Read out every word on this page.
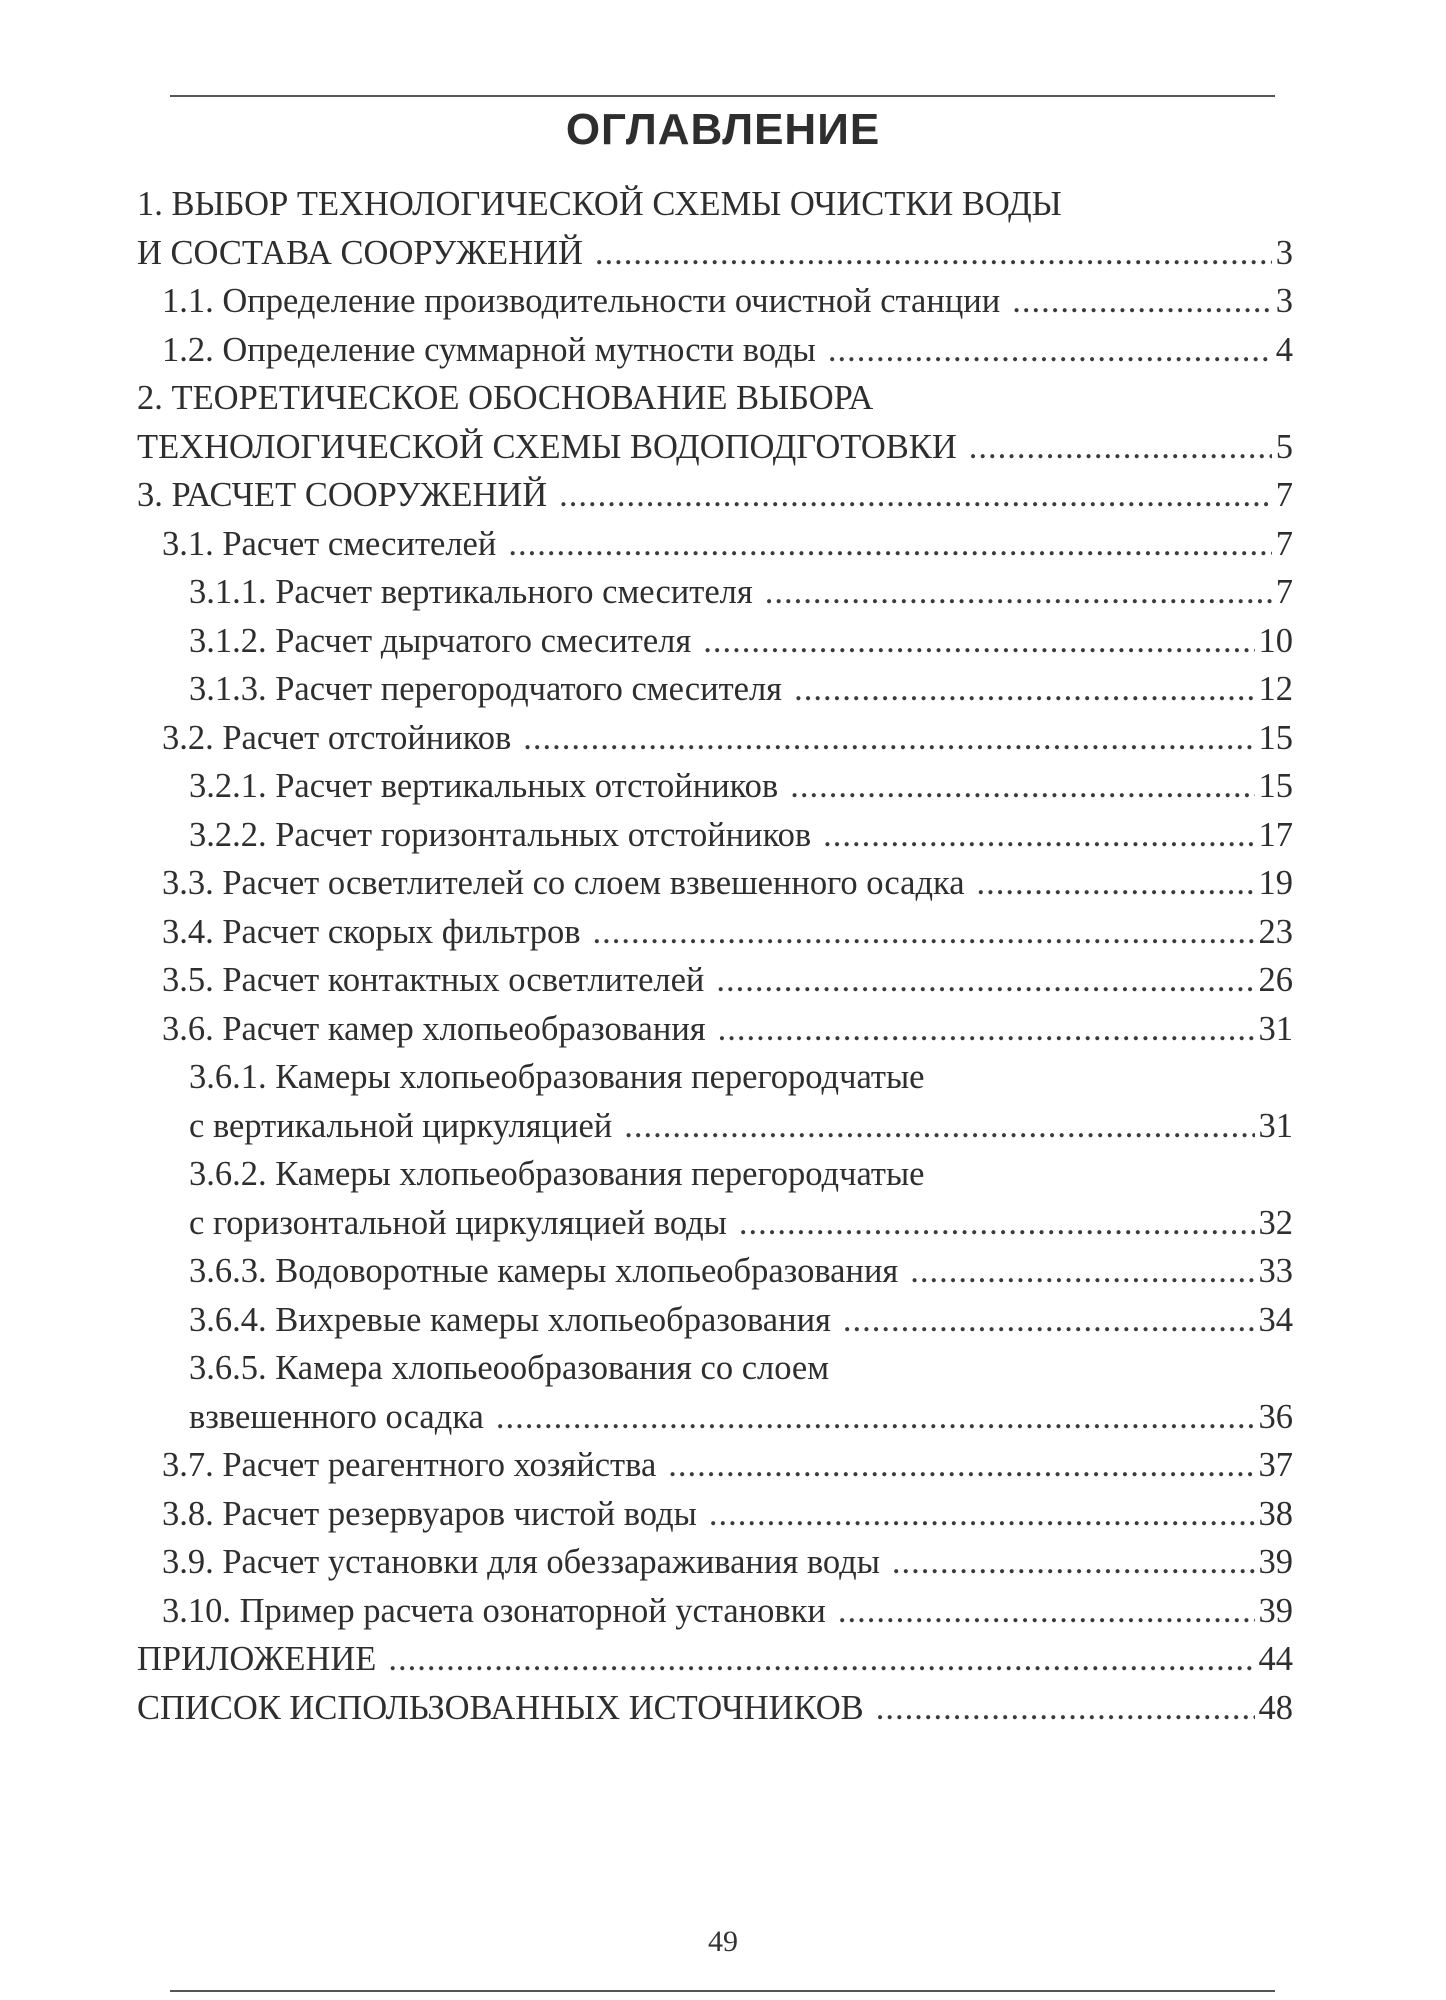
ОГЛАВЛЕНИЕ
1. ВЫБОР ТЕХНОЛОГИЧЕСКОЙ СХЕМЫ ОЧИСТКИ ВОДЫ
И СОСТАВА СООРУЖЕНИЙ .....	3
1.1. Определение производительности очистной станции .....	3
1.2. Определение суммарной мутности воды .....	4
2. ТЕОРЕТИЧЕСКОЕ ОБОСНОВАНИЕ ВЫБОРА
ТЕХНОЛОГИЧЕСКОЙ СХЕМЫ ВОДОПОДГОТОВКИ .....	5
3. РАСЧЕТ СООРУЖЕНИЙ .....	7
3.1. Расчет смесителей .....	7
3.1.1. Расчет вертикального смесителя .....	7
3.1.2. Расчет дырчатого смесителя .....	10
3.1.3. Расчет перегородчатого смесителя .....	12
3.2. Расчет отстойников .....	15
3.2.1. Расчет вертикальных отстойников .....	15
3.2.2. Расчет горизонтальных отстойников .....	17
3.3. Расчет осветлителей со слоем взвешенного осадка .....	19
3.4. Расчет скорых фильтров .....	23
3.5. Расчет контактных осветлителей .....	26
3.6. Расчет камер хлопьеобразования .....	31
3.6.1. Камеры хлопьеобразования перегородчатые
с вертикальной циркуляцией .....	31
3.6.2. Камеры хлопьеобразования перегородчатые
с горизонтальной циркуляцией воды .....	32
3.6.3. Водоворотные камеры хлопьеобразования .....	33
3.6.4. Вихревые камеры хлопьеобразования .....	34
3.6.5. Камера хлопьеообразования со слоем
взвешенного осадка .....	36
3.7. Расчет реагентного хозяйства .....	37
3.8. Расчет резервуаров чистой воды .....	38
3.9. Расчет установки для обеззараживания воды .....	39
3.10. Пример расчета озонаторной установки .....	39
ПРИЛОЖЕНИЕ .....	44
СПИСОК ИСПОЛЬЗОВАННЫХ ИСТОЧНИКОВ .....	48
49
